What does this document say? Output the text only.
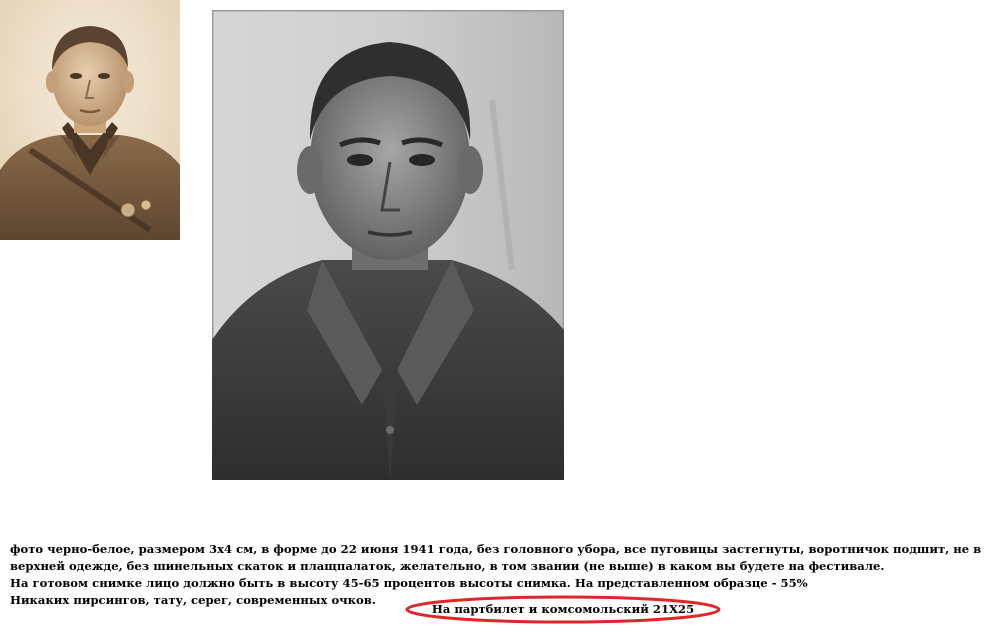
фото черно-белое, размером 3х4 см, в форме до 22 июня 1941 года, без головного убора, все пуговицы застегнуты, воротничок подшит, не в
верхней одежде, без шинельных скаток и плащпалаток, желательно, в том звании (не выше) в каком вы будете на фестивале.
На готовом снимке лицо должно быть в высоту 45-65 процентов высоты снимка. На представленном образце - 55%
Никаких пирсингов, тату, серег, современных очков.
На партбилет и комсомольский 21Х25
